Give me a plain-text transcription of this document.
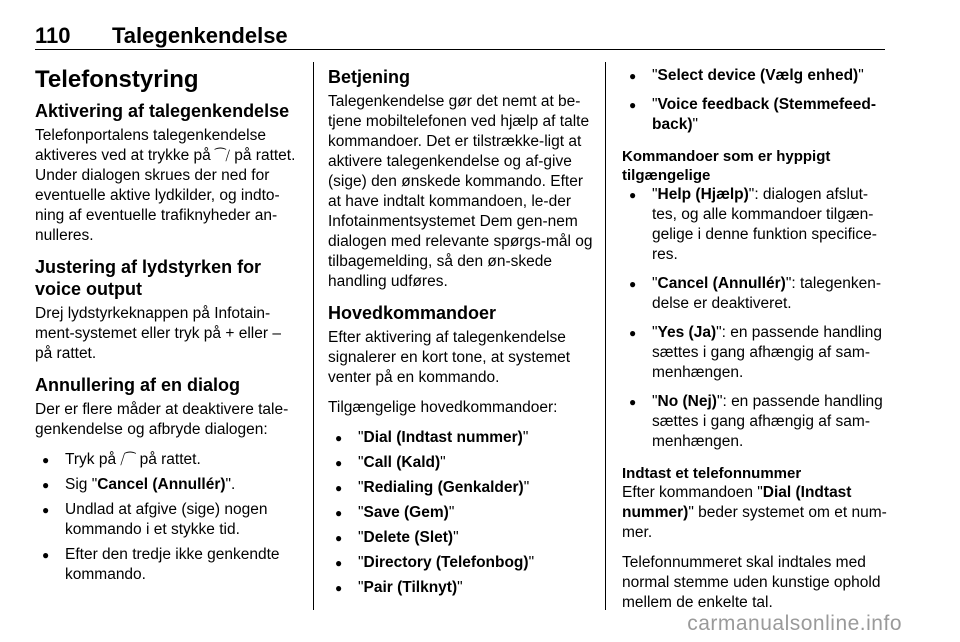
110 Talegenkendelse
Telefonstyring
Aktivering af talegenkendelse

Telefonportalens talegenkendelse aktiveres ved at trykke på ⁀⧸ på rattet. Under dialogen skrues der ned for eventuelle aktive lydkilder, og indto-ning af eventuelle trafiknyheder an-nulleres.

Justering af lydstyrken for voice output

Drej lydstyrkeknappen på Infotain-ment-systemet eller tryk på + eller – på rattet.

Annullering af en dialog

Der er flere måder at deaktivere tale-genkendelse og afbryde dialogen:

● Tryk på ⧸⁀ på rattet.
● Sig "Cancel (Annullér)".
● Undlad at afgive (sige) nogen kommando i et stykke tid.
● Efter den tredje ikke genkendte kommando.
Betjening

Talegenkendelse gør det nemt at be-tjene mobiltelefonen ved hjælp af talte kommandoer. Det er tilstrække-ligt at aktivere talegenkendelse og af-give (sige) den ønskede kommando. Efter at have indtalt kommandoen, le-der Infotainmentsystemet Dem gen-nem dialogen med relevante spørgs-mål og tilbagemelding, så den øn-skede handling udføres.

Hovedkommandoer

Efter aktivering af talegenkendelse signalerer en kort tone, at systemet venter på en kommando.

Tilgængelige hovedkommandoer:

● "Dial (Indtast nummer)"
● "Call (Kald)"
● "Redialing (Genkalder)"
● "Save (Gem)"
● "Delete (Slet)"
● "Directory (Telefonbog)"
● "Pair (Tilknyt)"
● "Select device (Vælg enhed)"
● "Voice feedback (Stemmefeed-back)"
Kommandoer som er hyppigt tilgængelige
● "Help (Hjælp)": dialogen afslut-tes, og alle kommandoer tilgæn-gelige i denne funktion specifice-res.
● "Cancel (Annullér)": talegenken-delse er deaktiveret.
● "Yes (Ja)": en passende handling sættes i gang afhængig af sam-menhængen.
● "No (Nej)": en passende handling sættes i gang afhængig af sam-menhængen.
Indtast et telefonnummer

Efter kommandoen "Dial (Indtast nummer)" beder systemet om et num-mer.

Telefonnummeret skal indtales med normal stemme uden kunstige ophold mellem de enkelte tal.

carmanualsonline.info
